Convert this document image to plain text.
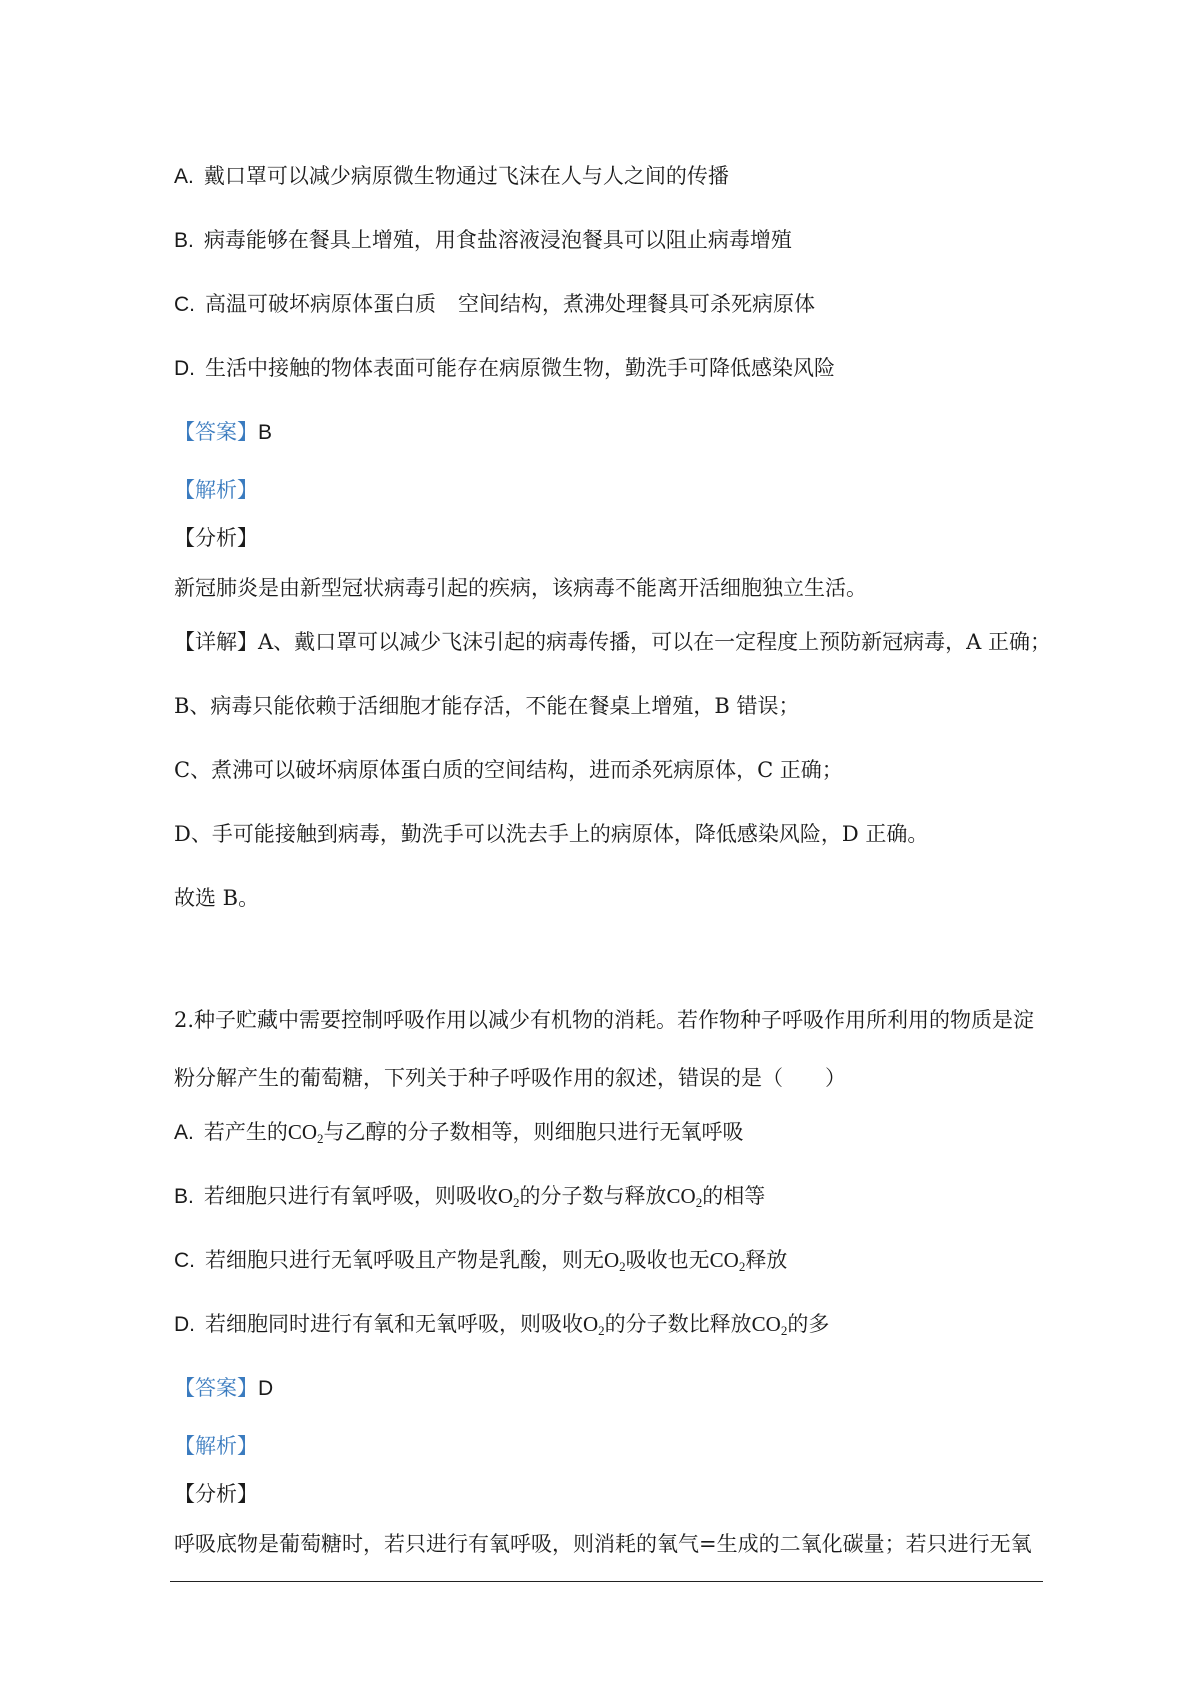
A. 戴口罩可以减少病原微生物通过飞沫在人与人之间的传播
B. 病毒能够在餐具上增殖，用食盐溶液浸泡餐具可以阻止病毒增殖
C. 高温可破坏病原体蛋白质 空间结构，煮沸处理餐具可杀死病原体
D. 生活中接触的物体表面可能存在病原微生物，勤洗手可降低感染风险
【答案】B
【解析】
【分析】
新冠肺炎是由新型冠状病毒引起的疾病，该病毒不能离开活细胞独立生活。
【详解】A、戴口罩可以减少飞沫引起的病毒传播，可以在一定程度上预防新冠病毒，A 正确；
B、病毒只能依赖于活细胞才能存活，不能在餐桌上增殖，B 错误；
C、煮沸可以破坏病原体蛋白质的空间结构，进而杀死病原体，C 正确；
D、手可能接触到病毒，勤洗手可以洗去手上的病原体，降低感染风险，D 正确。
故选 B。
2.种子贮藏中需要控制呼吸作用以减少有机物的消耗。若作物种子呼吸作用所利用的物质是淀
粉分解产生的葡萄糖，下列关于种子呼吸作用的叙述，错误的是（　　）
A. 若产生的$CO_2$与乙醇的分子数相等，则细胞只进行无氧呼吸
B. 若细胞只进行有氧呼吸，则吸收$O_2$的分子数与释放$CO_2$的相等
C. 若细胞只进行无氧呼吸且产物是乳酸，则无$O_2$吸收也无$CO_2$释放
D. 若细胞同时进行有氧和无氧呼吸，则吸收$O_2$的分子数比释放$CO_2$的多
【答案】D
【解析】
【分析】
呼吸底物是葡萄糖时，若只进行有氧呼吸，则消耗的氧气=生成的二氧化碳量；若只进行无氧
